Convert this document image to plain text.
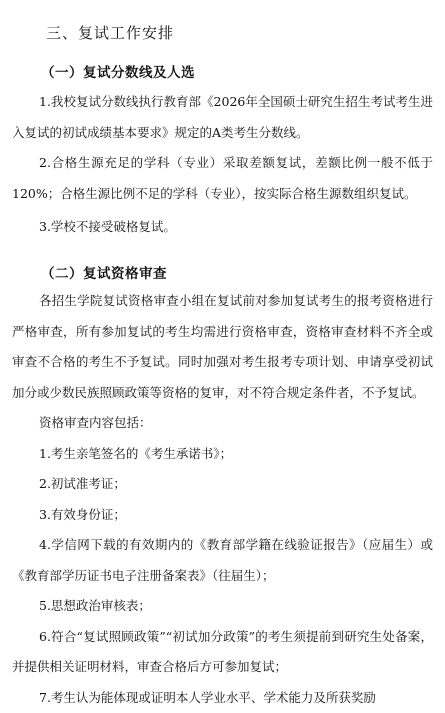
三、复试工作安排
（一）复试分数线及人选

1.我校复试分数线执行教育部《2026年全国硕士研究生招生考试考生进入复试的初试成绩基本要求》规定的A类考生分数线。

2.合格生源充足的学科（专业）采取差额复试，差额比例一般不低于120%；合格生源比例不足的学科（专业），按实际合格生源数组织复试。

3.学校不接受破格复试。

（二）复试资格审查

各招生学院复试资格审查小组在复试前对参加复试考生的报考资格进行严格审查，所有参加复试的考生均需进行资格审查，资格审查材料不齐全或审查不合格的考生不予复试。同时加强对考生报考专项计划、申请享受初试加分或少数民族照顾政策等资格的复审，对不符合规定条件者，不予复试。

资格审查内容包括：

1.考生亲笔签名的《考生承诺书》；

2.初试准考证；

3.有效身份证；

4.学信网下载的有效期内的《教育部学籍在线验证报告》（应届生）或《教育部学历证书电子注册备案表》（往届生）；

5.思想政治审核表；

6.符合“复试照顾政策”“初试加分政策”的考生须提前到研究生处备案，并提供相关证明材料，审查合格后方可参加复试；

7.考生认为能体现或证明本人学业水平、学术能力及所获奖励
